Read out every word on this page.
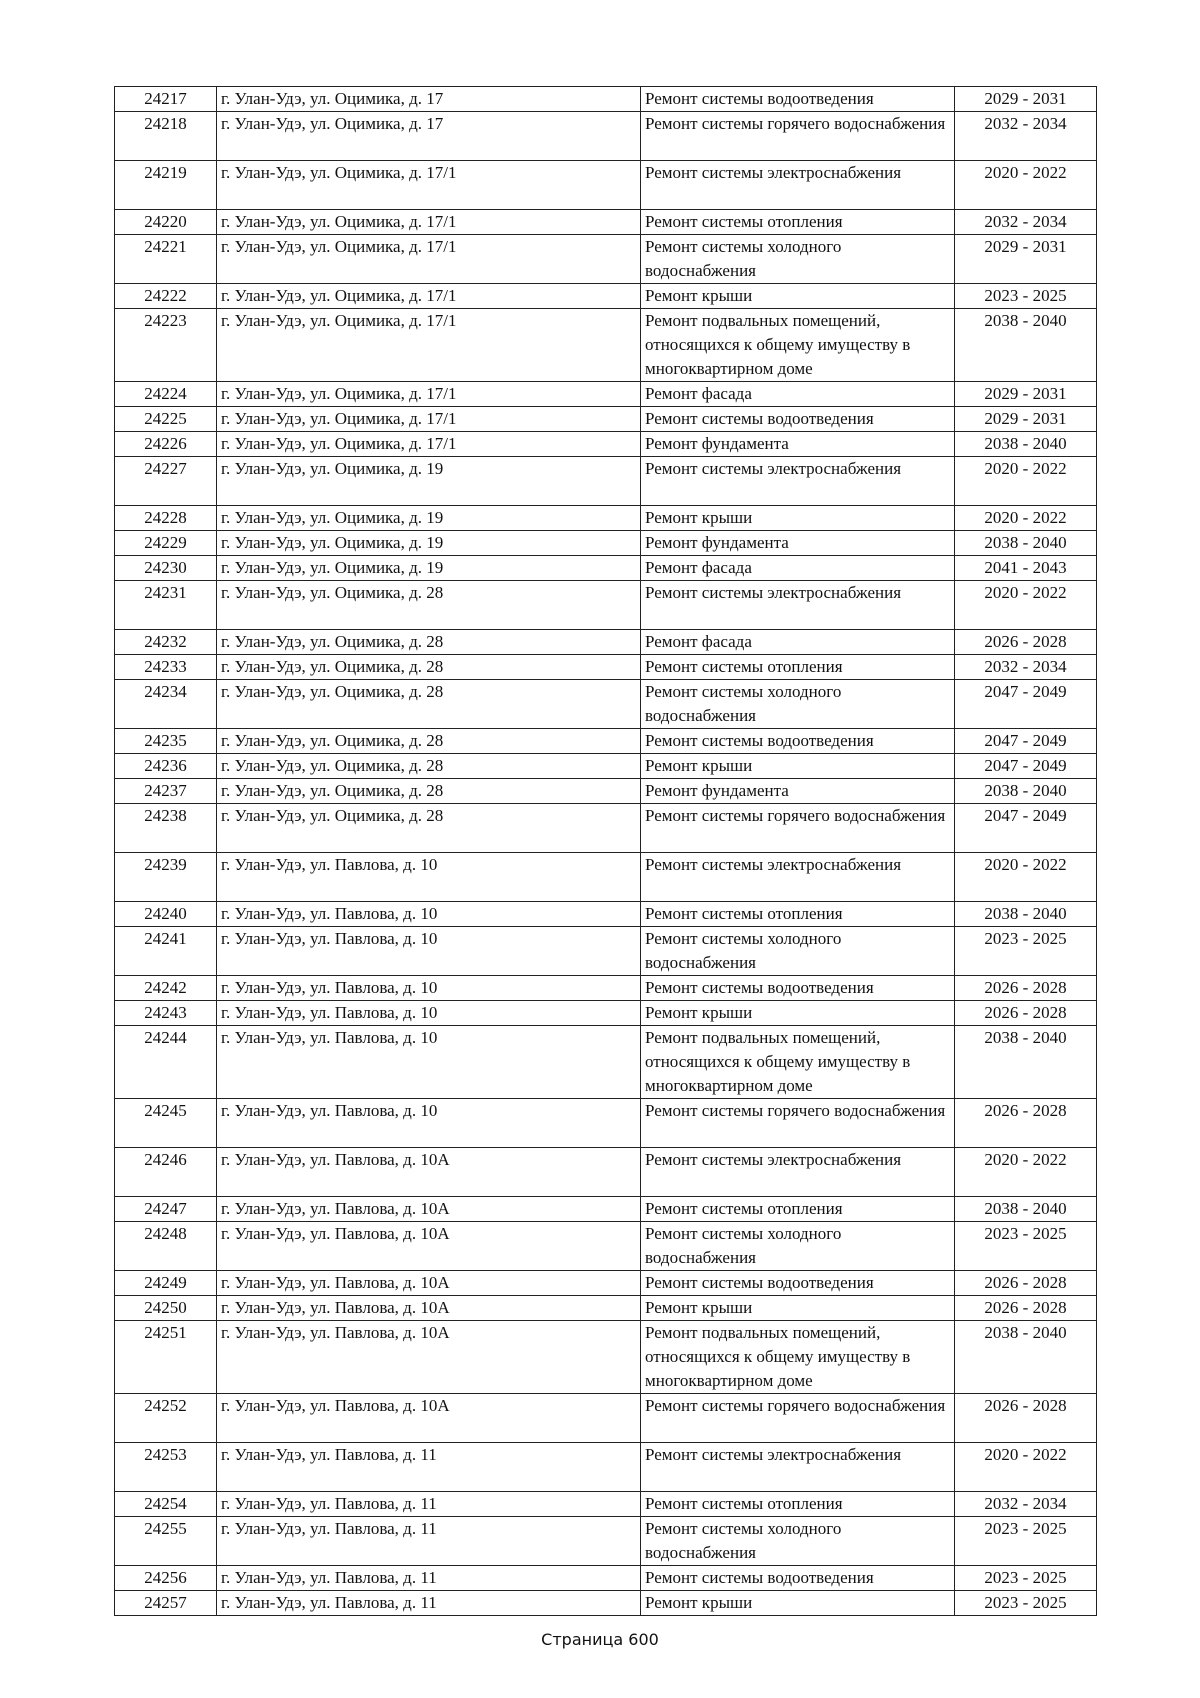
24217	г. Улан-Удэ, ул. Оцимика, д. 17	Ремонт системы водоотведения	2029 - 2031
24218	г. Улан-Удэ, ул. Оцимика, д. 17	Ремонт системы горячего водоснабжения	2032 - 2034
24219	г. Улан-Удэ, ул. Оцимика, д. 17/1	Ремонт системы электроснабжения	2020 - 2022
24220	г. Улан-Удэ, ул. Оцимика, д. 17/1	Ремонт системы отопления	2032 - 2034
24221	г. Улан-Удэ, ул. Оцимика, д. 17/1	Ремонт системы холодного водоснабжения	2029 - 2031
24222	г. Улан-Удэ, ул. Оцимика, д. 17/1	Ремонт крыши	2023 - 2025
24223	г. Улан-Удэ, ул. Оцимика, д. 17/1	Ремонт подвальных помещений, относящихся к общему имуществу в многоквартирном доме	2038 - 2040
24224	г. Улан-Удэ, ул. Оцимика, д. 17/1	Ремонт фасада	2029 - 2031
24225	г. Улан-Удэ, ул. Оцимика, д. 17/1	Ремонт системы водоотведения	2029 - 2031
24226	г. Улан-Удэ, ул. Оцимика, д. 17/1	Ремонт фундамента	2038 - 2040
24227	г. Улан-Удэ, ул. Оцимика, д. 19	Ремонт системы электроснабжения	2020 - 2022
24228	г. Улан-Удэ, ул. Оцимика, д. 19	Ремонт крыши	2020 - 2022
24229	г. Улан-Удэ, ул. Оцимика, д. 19	Ремонт фундамента	2038 - 2040
24230	г. Улан-Удэ, ул. Оцимика, д. 19	Ремонт фасада	2041 - 2043
24231	г. Улан-Удэ, ул. Оцимика, д. 28	Ремонт системы электроснабжения	2020 - 2022
24232	г. Улан-Удэ, ул. Оцимика, д. 28	Ремонт фасада	2026 - 2028
24233	г. Улан-Удэ, ул. Оцимика, д. 28	Ремонт системы отопления	2032 - 2034
24234	г. Улан-Удэ, ул. Оцимика, д. 28	Ремонт системы холодного водоснабжения	2047 - 2049
24235	г. Улан-Удэ, ул. Оцимика, д. 28	Ремонт системы водоотведения	2047 - 2049
24236	г. Улан-Удэ, ул. Оцимика, д. 28	Ремонт крыши	2047 - 2049
24237	г. Улан-Удэ, ул. Оцимика, д. 28	Ремонт фундамента	2038 - 2040
24238	г. Улан-Удэ, ул. Оцимика, д. 28	Ремонт системы горячего водоснабжения	2047 - 2049
24239	г. Улан-Удэ, ул. Павлова, д. 10	Ремонт системы электроснабжения	2020 - 2022
24240	г. Улан-Удэ, ул. Павлова, д. 10	Ремонт системы отопления	2038 - 2040
24241	г. Улан-Удэ, ул. Павлова, д. 10	Ремонт системы холодного водоснабжения	2023 - 2025
24242	г. Улан-Удэ, ул. Павлова, д. 10	Ремонт системы водоотведения	2026 - 2028
24243	г. Улан-Удэ, ул. Павлова, д. 10	Ремонт крыши	2026 - 2028
24244	г. Улан-Удэ, ул. Павлова, д. 10	Ремонт подвальных помещений, относящихся к общему имуществу в многоквартирном доме	2038 - 2040
24245	г. Улан-Удэ, ул. Павлова, д. 10	Ремонт системы горячего водоснабжения	2026 - 2028
24246	г. Улан-Удэ, ул. Павлова, д. 10А	Ремонт системы электроснабжения	2020 - 2022
24247	г. Улан-Удэ, ул. Павлова, д. 10А	Ремонт системы отопления	2038 - 2040
24248	г. Улан-Удэ, ул. Павлова, д. 10А	Ремонт системы холодного водоснабжения	2023 - 2025
24249	г. Улан-Удэ, ул. Павлова, д. 10А	Ремонт системы водоотведения	2026 - 2028
24250	г. Улан-Удэ, ул. Павлова, д. 10А	Ремонт крыши	2026 - 2028
24251	г. Улан-Удэ, ул. Павлова, д. 10А	Ремонт подвальных помещений, относящихся к общему имуществу в многоквартирном доме	2038 - 2040
24252	г. Улан-Удэ, ул. Павлова, д. 10А	Ремонт системы горячего водоснабжения	2026 - 2028
24253	г. Улан-Удэ, ул. Павлова, д. 11	Ремонт системы электроснабжения	2020 - 2022
24254	г. Улан-Удэ, ул. Павлова, д. 11	Ремонт системы отопления	2032 - 2034
24255	г. Улан-Удэ, ул. Павлова, д. 11	Ремонт системы холодного водоснабжения	2023 - 2025
24256	г. Улан-Удэ, ул. Павлова, д. 11	Ремонт системы водоотведения	2023 - 2025
24257	г. Улан-Удэ, ул. Павлова, д. 11	Ремонт крыши	2023 - 2025
Страница 600
